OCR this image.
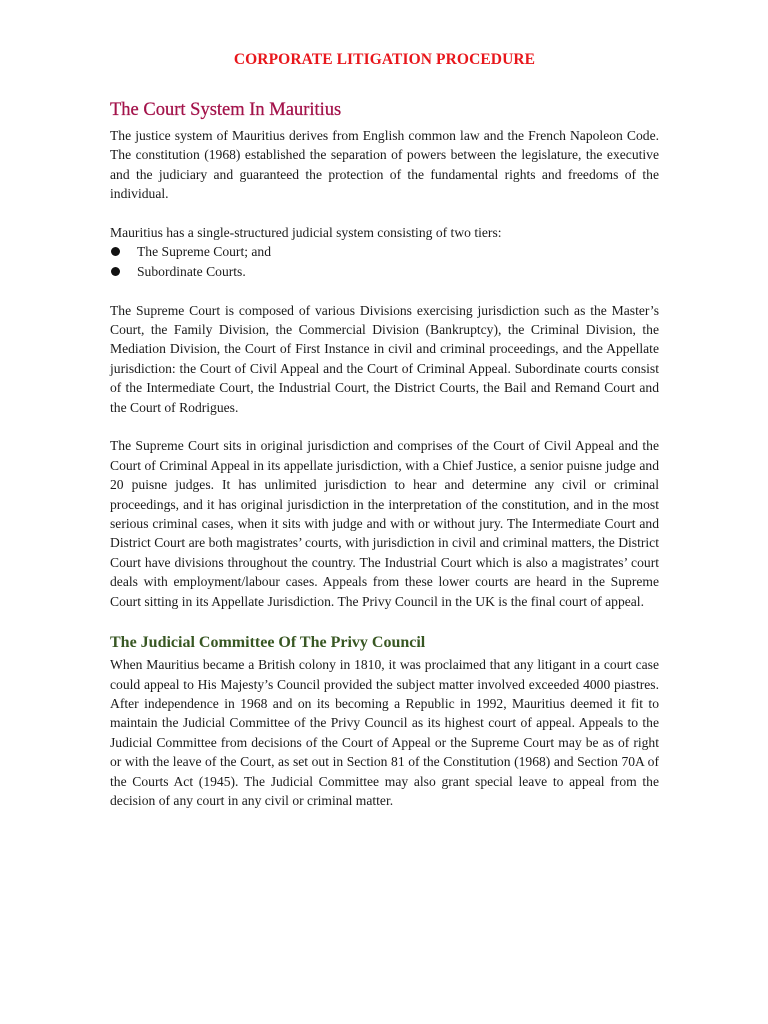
CORPORATE LITIGATION PROCEDURE
The Court System In Mauritius

The justice system of Mauritius derives from English common law and the French Napoleon Code. The constitution (1968) established the separation of powers between the legislature, the executive and the judiciary and guaranteed the protection of the fundamental rights and freedoms of the individual.

Mauritius has a single-structured judicial system consisting of two tiers:

The Supreme Court; and
Subordinate Courts.

The Supreme Court is composed of various Divisions exercising jurisdiction such as the Master’s Court, the Family Division, the Commercial Division (Bankruptcy), the Criminal Division, the Mediation Division, the Court of First Instance in civil and criminal proceedings, and the Appellate jurisdiction: the Court of Civil Appeal and the Court of Criminal Appeal. Subordinate courts consist of the Intermediate Court, the Industrial Court, the District Courts, the Bail and Remand Court and the Court of Rodrigues.

The Supreme Court sits in original jurisdiction and comprises of the Court of Civil Appeal and the Court of Criminal Appeal in its appellate jurisdiction, with a Chief Justice, a senior puisne judge and 20 puisne judges. It has unlimited jurisdiction to hear and determine any civil or criminal proceedings, and it has original jurisdiction in the interpretation of the constitution, and in the most serious criminal cases, when it sits with judge and with or without jury. The Intermediate Court and District Court are both magistrates’ courts, with jurisdiction in civil and criminal matters, the District Court have divisions throughout the country. The Industrial Court which is also a magistrates’ court deals with employment/labour cases. Appeals from these lower courts are heard in the Supreme Court sitting in its Appellate Jurisdiction. The Privy Council in the UK is the final court of appeal.

The Judicial Committee Of The Privy Council

When Mauritius became a British colony in 1810, it was proclaimed that any litigant in a court case could appeal to His Majesty’s Council provided the subject matter involved exceeded 4000 piastres. After independence in 1968 and on its becoming a Republic in 1992, Mauritius deemed it fit to maintain the Judicial Committee of the Privy Council as its highest court of appeal. Appeals to the Judicial Committee from decisions of the Court of Appeal or the Supreme Court may be as of right or with the leave of the Court, as set out in Section 81 of the Constitution (1968) and Section 70A of the Courts Act (1945). The Judicial Committee may also grant special leave to appeal from the decision of any court in any civil or criminal matter.
